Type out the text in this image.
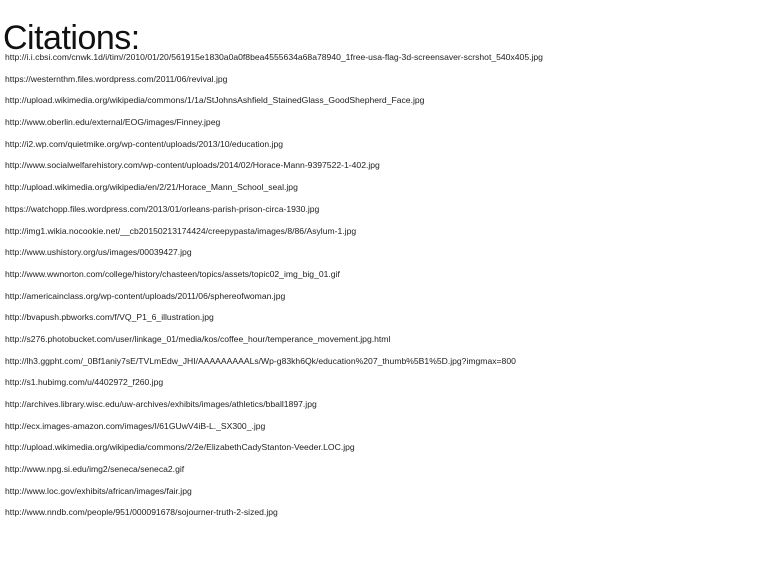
Citations:
http://i.i.cbsi.com/cnwk.1d/i/tim//2010/01/20/561915e1830a0a0f8bea4555634a68a78940_1free-usa-flag-3d-screensaver-scrshot_540x405.jpg
https://westernthm.files.wordpress.com/2011/06/revival.jpg
http://upload.wikimedia.org/wikipedia/commons/1/1a/StJohnsAshfield_StainedGlass_GoodShepherd_Face.jpg
http://www.oberlin.edu/external/EOG/images/Finney.jpeg
http://i2.wp.com/quietmike.org/wp-content/uploads/2013/10/education.jpg
http://www.socialwelfarehistory.com/wp-content/uploads/2014/02/Horace-Mann-9397522-1-402.jpg
http://upload.wikimedia.org/wikipedia/en/2/21/Horace_Mann_School_seal.jpg
https://watchopp.files.wordpress.com/2013/01/orleans-parish-prison-circa-1930.jpg
http://img1.wikia.nocookie.net/__cb20150213174424/creepypasta/images/8/86/Asylum-1.jpg
http://www.ushistory.org/us/images/00039427.jpg
http://www.wwnorton.com/college/history/chasteen/topics/assets/topic02_img_big_01.gif
http://americainclass.org/wp-content/uploads/2011/06/sphereofwoman.jpg
http://bvapush.pbworks.com/f/VQ_P1_6_illustration.jpg
http://s276.photobucket.com/user/linkage_01/media/kos/coffee_hour/temperance_movement.jpg.html
http://lh3.ggpht.com/_0Bf1aniy7sE/TVLmEdw_JHI/AAAAAAAAALs/Wp-g83kh6Qk/education%207_thumb%5B1%5D.jpg?imgmax=800
http://s1.hubimg.com/u/4402972_f260.jpg
http://archives.library.wisc.edu/uw-archives/exhibits/images/athletics/bball1897.jpg
http://ecx.images-amazon.com/images/I/61GUwV4iB-L._SX300_.jpg
http://upload.wikimedia.org/wikipedia/commons/2/2e/ElizabethCadyStanton-Veeder.LOC.jpg
http://www.npg.si.edu/img2/seneca/seneca2.gif
http://www.loc.gov/exhibits/african/images/fair.jpg
http://www.nndb.com/people/951/000091678/sojourner-truth-2-sized.jpg
